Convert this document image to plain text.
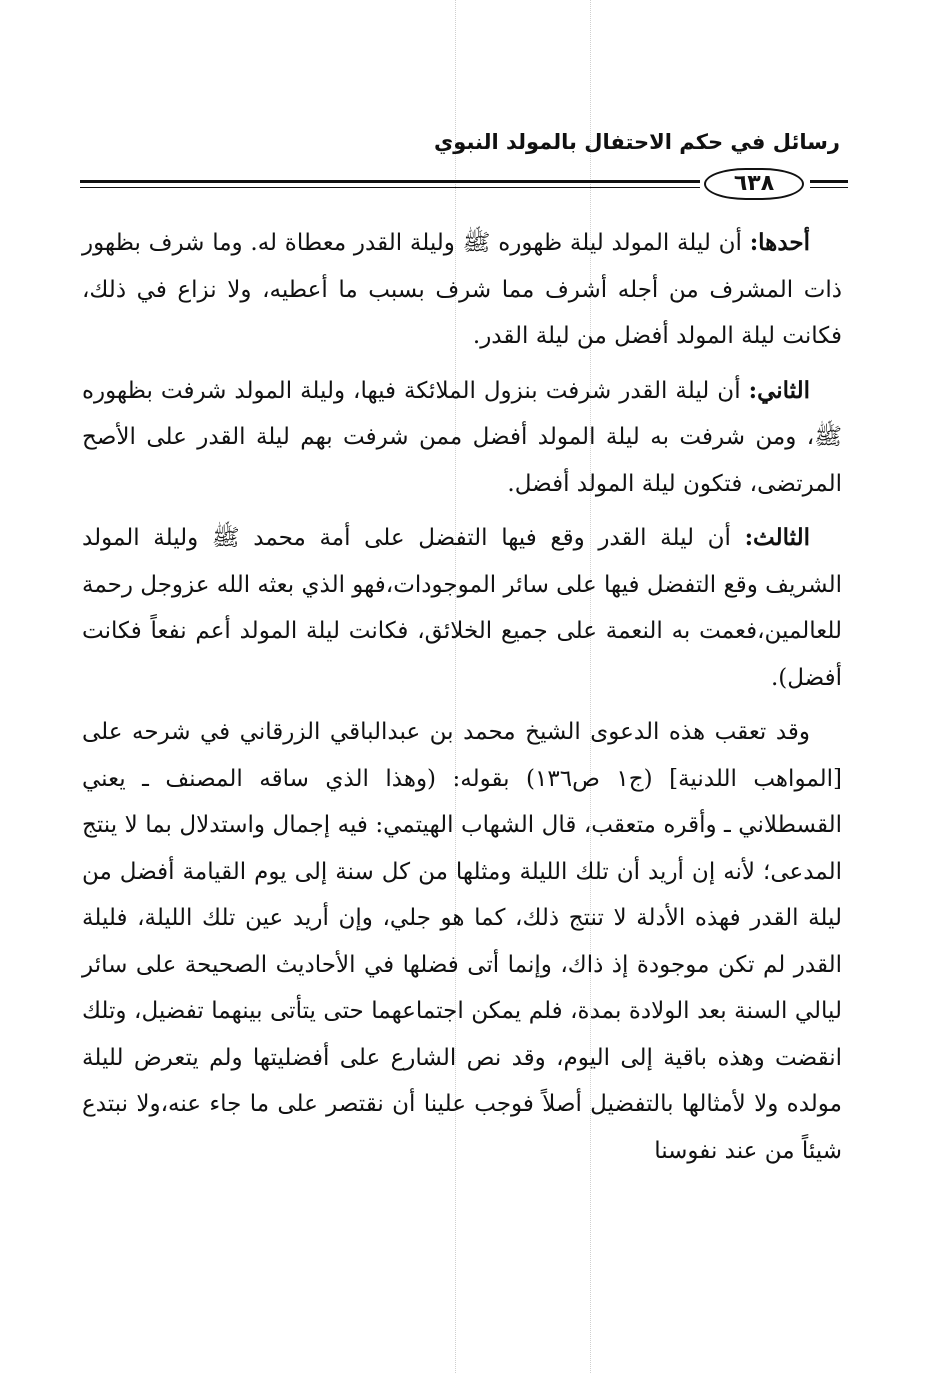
رسائل في حكم الاحتفال بالمولد النبوي
٦٣٨

أحدها: أن ليلة المولد ليلة ظهوره ﷺ وليلة القدر معطاة له. وما شرف بظهور ذات المشرف من أجله أشرف مما شرف بسبب ما أعطيه، ولا نزاع في ذلك، فكانت ليلة المولد أفضل من ليلة القدر.

الثاني: أن ليلة القدر شرفت بنزول الملائكة فيها، وليلة المولد شرفت بظهوره ﷺ، ومن شرفت به ليلة المولد أفضل ممن شرفت بهم ليلة القدر على الأصح المرتضى، فتكون ليلة المولد أفضل.

الثالث: أن ليلة القدر وقع فيها التفضل على أمة محمد ﷺ وليلة المولد الشريف وقع التفضل فيها على سائر الموجودات،فهو الذي بعثه الله عزوجل رحمة للعالمين،فعمت به النعمة على جميع الخلائق، فكانت ليلة المولد أعم نفعاً فكانت أفضل).

وقد تعقب هذه الدعوى الشيخ محمد بن عبدالباقي الزرقاني في شرحه على [المواهب اللدنية] (ج١ ص١٣٦) بقوله: (وهذا الذي ساقه المصنف ـ يعني القسطلاني ـ وأقره متعقب، قال الشهاب الهيتمي: فيه إجمال واستدلال بما لا ينتج المدعى؛ لأنه إن أريد أن تلك الليلة ومثلها من كل سنة إلى يوم القيامة أفضل من ليلة القدر فهذه الأدلة لا تنتج ذلك، كما هو جلي، وإن أريد عين تلك الليلة، فليلة القدر لم تكن موجودة إذ ذاك، وإنما أتى فضلها في الأحاديث الصحيحة على سائر ليالي السنة بعد الولادة بمدة، فلم يمكن اجتماعهما حتى يتأتى بينهما تفضيل، وتلك انقضت وهذه باقية إلى اليوم، وقد نص الشارع على أفضليتها ولم يتعرض لليلة مولده ولا لأمثالها بالتفضيل أصلاً فوجب علينا أن نقتصر على ما جاء عنه،ولا نبتدع شيئاً من عند نفوسنا
